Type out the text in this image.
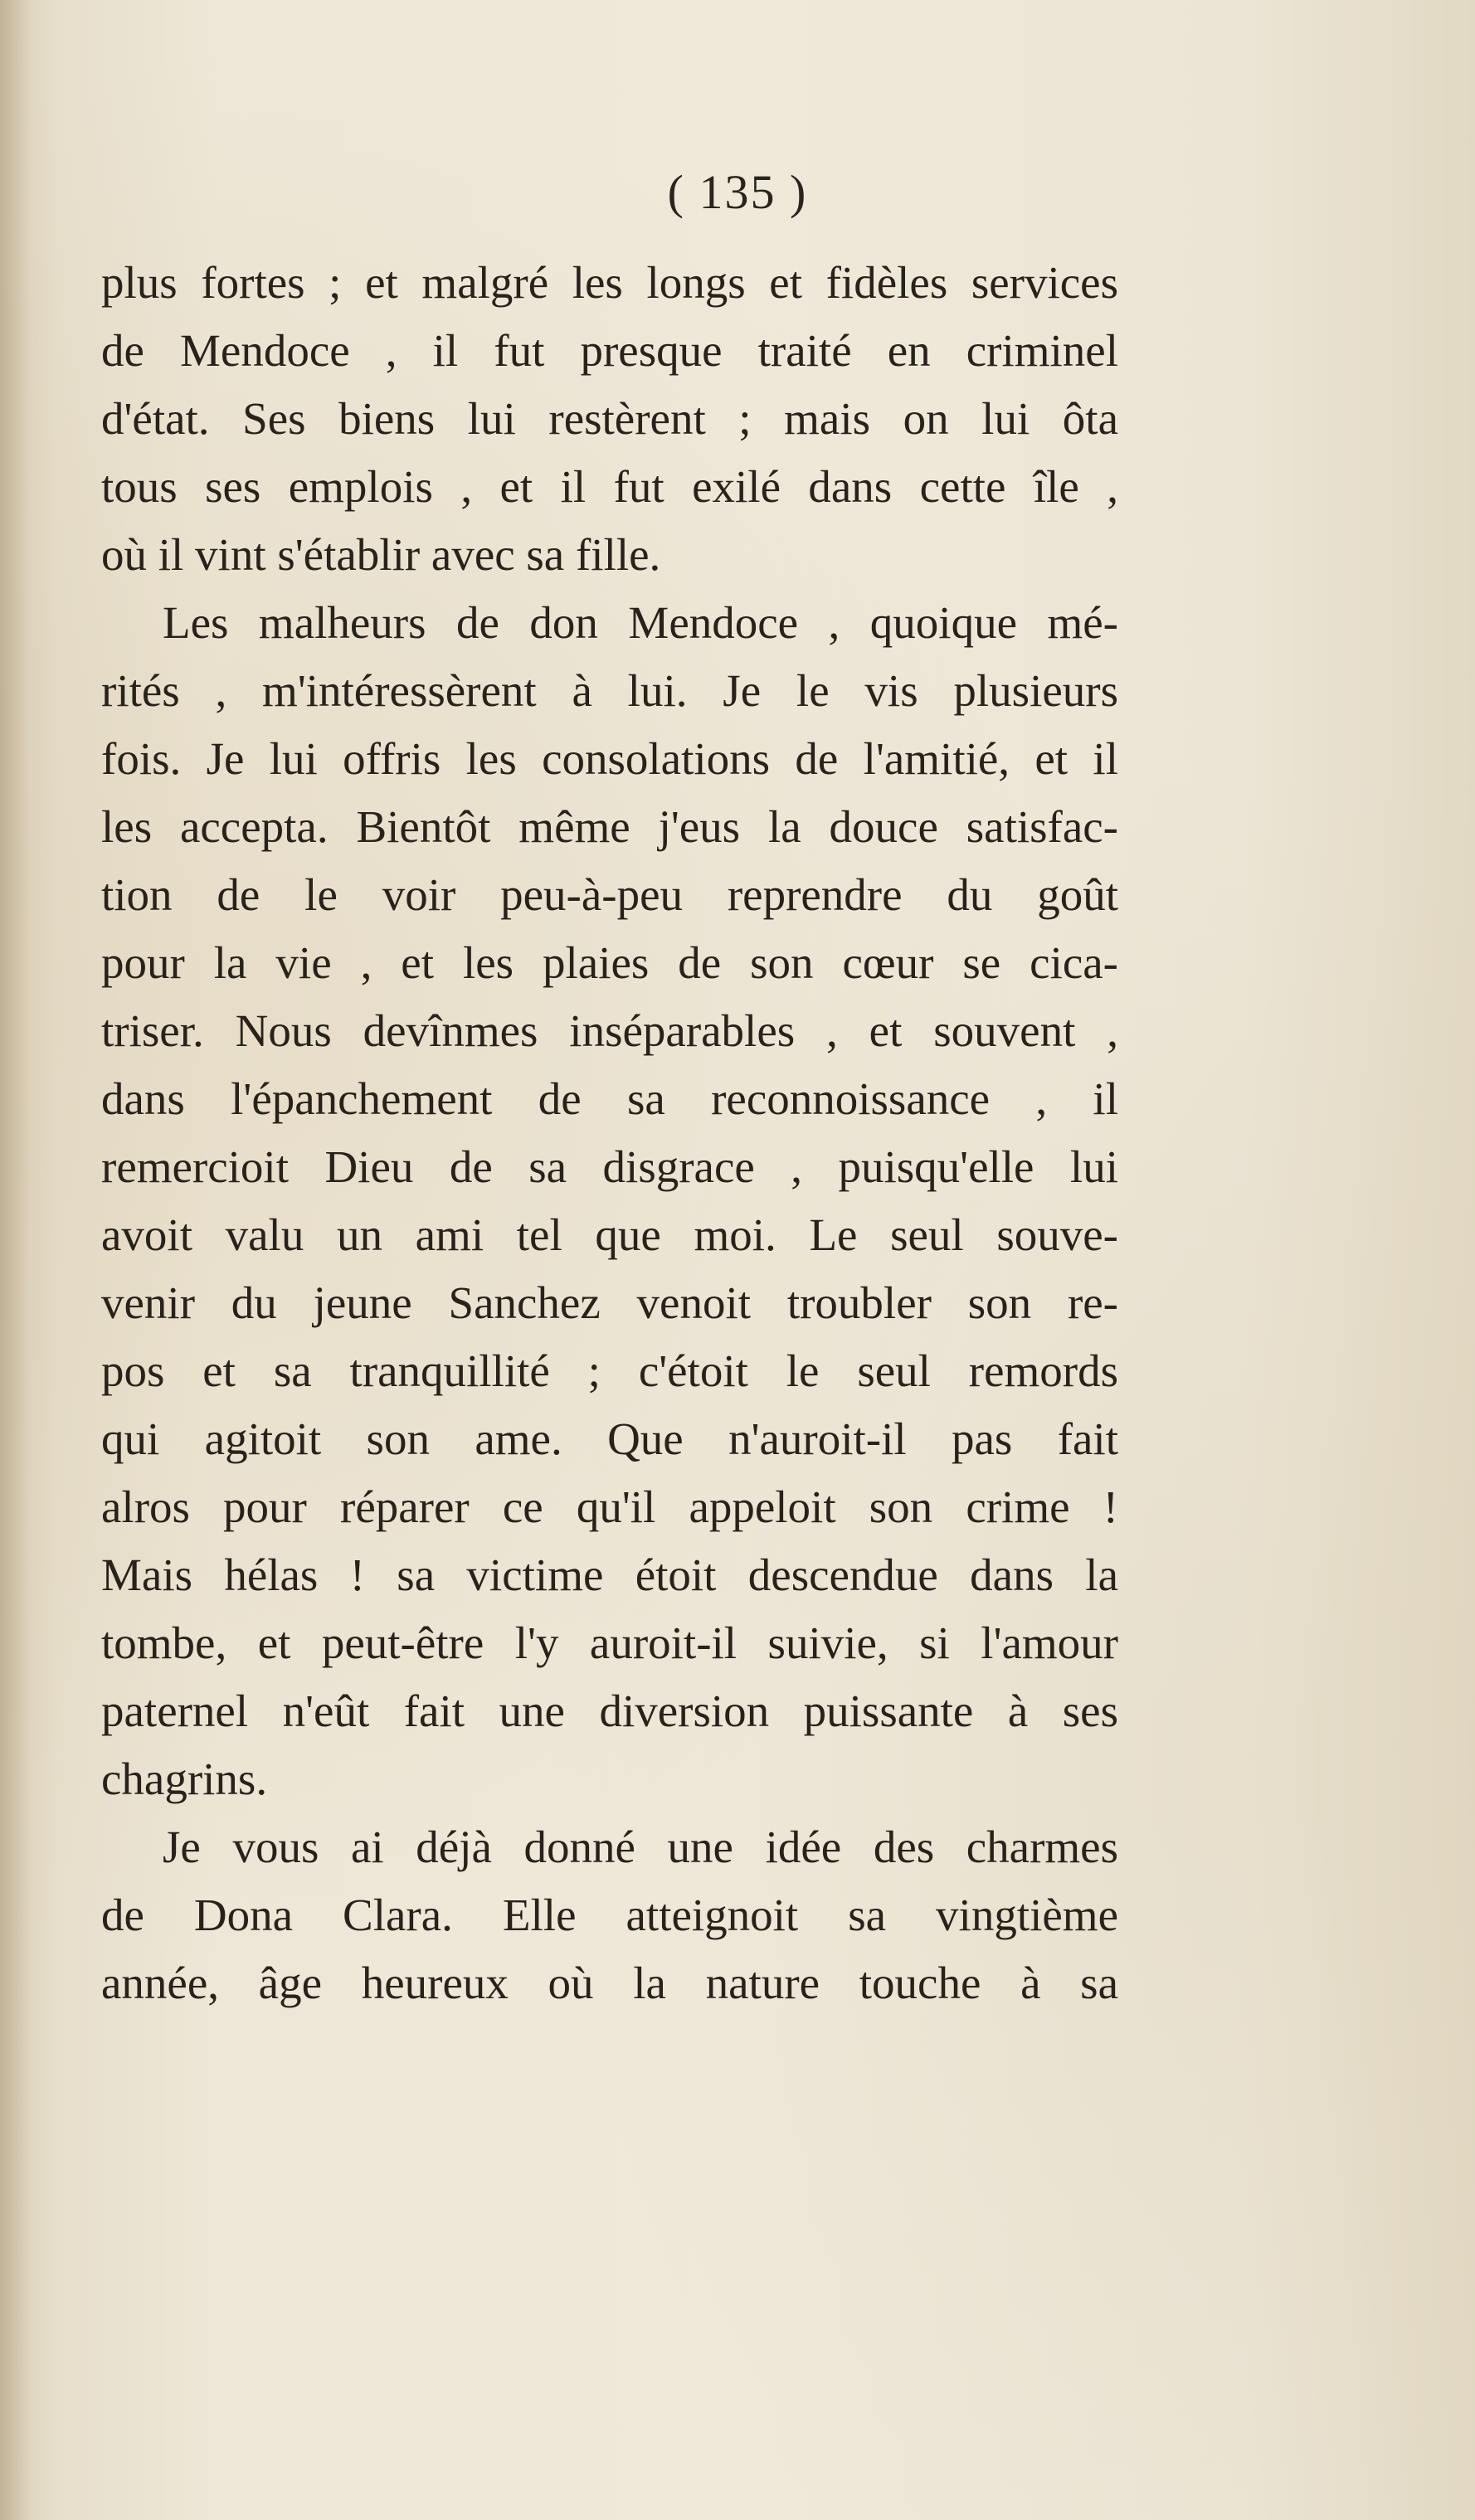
( 135 )
plus fortes ; et malgré les longs et fidèles services
de Mendoce , il fut presque traité en criminel
d'état. Ses biens lui restèrent ; mais on lui ôta
tous ses emplois , et il fut exilé dans cette île ,
où il vint s'établir avec sa fille.
Les malheurs de don Mendoce , quoique mé-
rités , m'intéressèrent à lui. Je le vis plusieurs
fois. Je lui offris les consolations de l'amitié, et il
les accepta. Bientôt même j'eus la douce satisfac-
tion de le voir peu-à-peu reprendre du goût
pour la vie , et les plaies de son cœur se cica-
triser. Nous devînmes inséparables , et souvent ,
dans l'épanchement de sa reconnoissance , il
remercioit Dieu de sa disgrace , puisqu'elle lui
avoit valu un ami tel que moi. Le seul souve-
venir du jeune Sanchez venoit troubler son re-
pos et sa tranquillité ; c'étoit le seul remords
qui agitoit son ame. Que n'auroit-il pas fait
alros pour réparer ce qu'il appeloit son crime !
Mais hélas ! sa victime étoit descendue dans la
tombe, et peut-être l'y auroit-il suivie, si l'amour
paternel n'eût fait une diversion puissante à ses
chagrins.
Je vous ai déjà donné une idée des charmes
de Dona Clara. Elle atteignoit sa vingtième
année, âge heureux où la nature touche à sa
